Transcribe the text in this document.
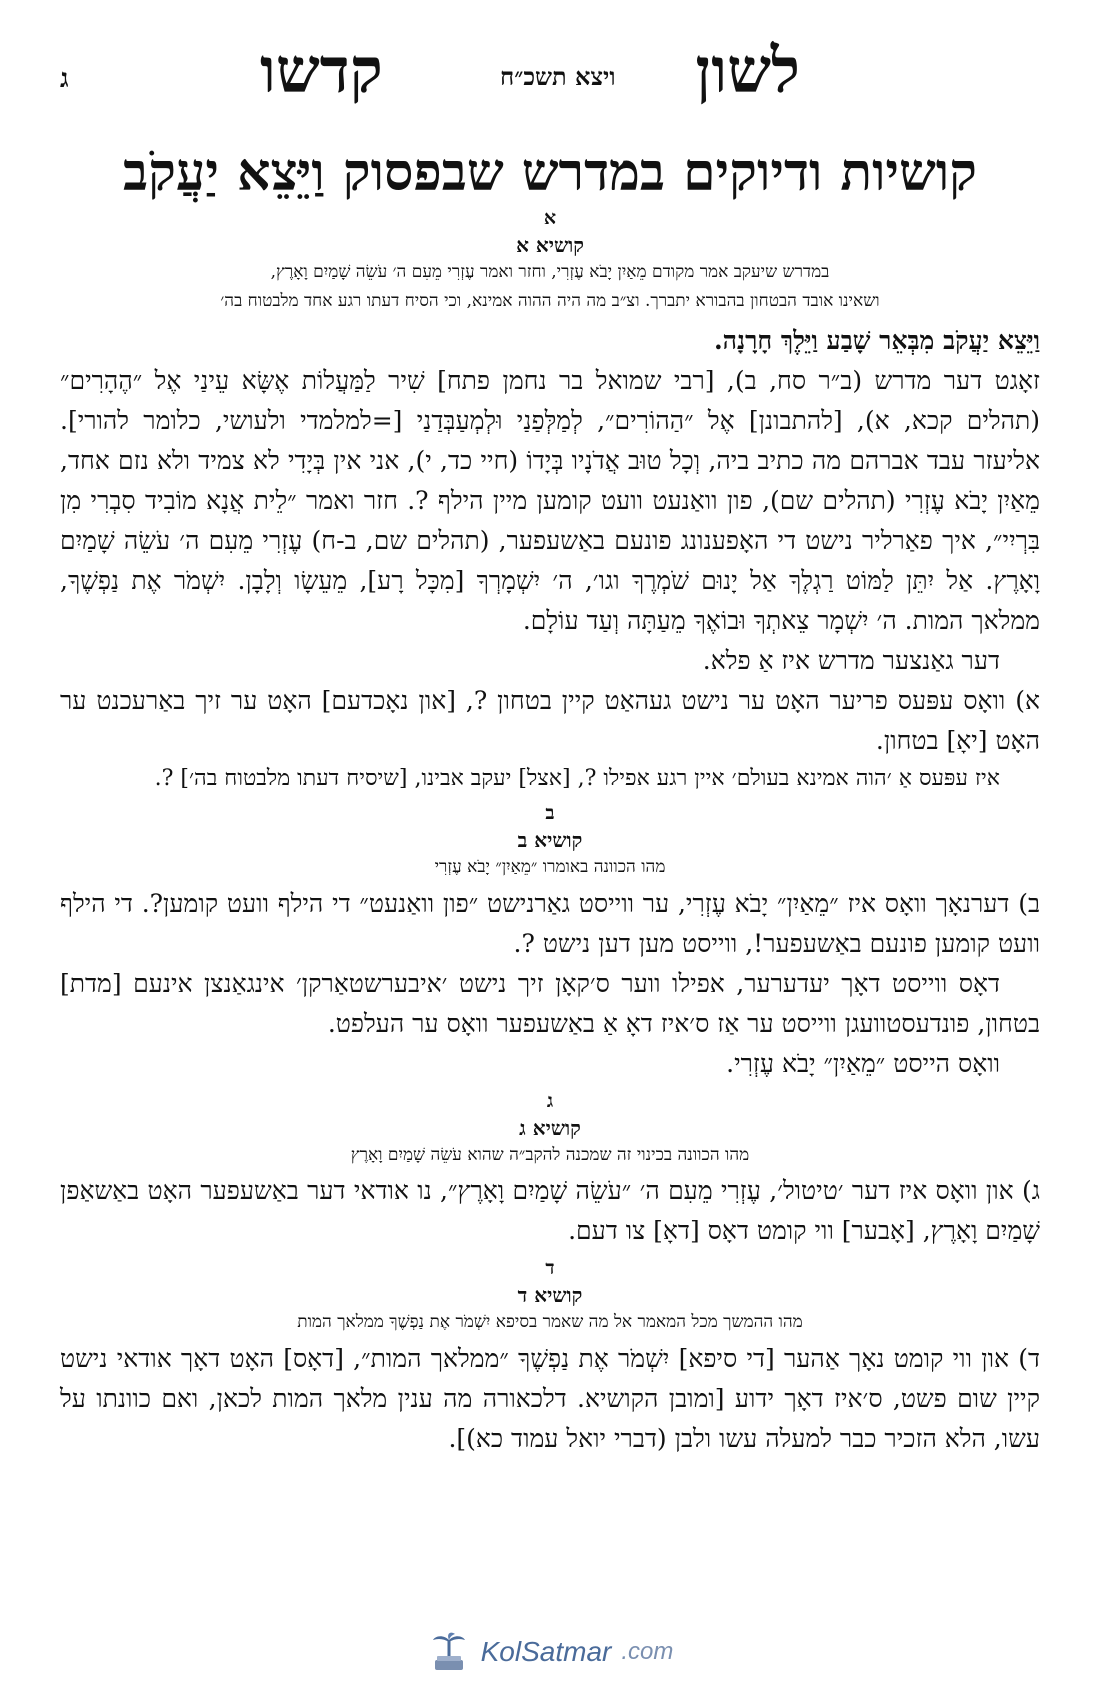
לשון
קדשו	ויצא תשכ״ח
ג
קושיות ודיוקים במדרש שבפסוק וַיֵּצֵא יַעֲקֹב
א
קושיא א
במדרש שיעקב אמר מקודם מֵאַיִן יָבֹא עֶזְרִי, וחזר ואמר עֶזְרִי מֵעִם ה׳ עֹשֵׂה שָׁמַיִם וָאָרֶץ,
ושאינו אובד הבטחון בהבורא יתברך. וצ״ב מה היה ההוה אמינא, וכי הסיח דעתו רגע אחד מלבטוח בה׳

וַיֵּצֵא יַעֲקֹב מִבְּאֵר שָׁבַע וַיֵּלֶךְ חָרָנָה.

זאָגט דער מדרש (ב״ר סח, ב), [רבי שמואל בר נחמן פתח] שִׁיר לַמַּעֲלוֹת אֶשָּׂא עֵינַי אֶל ״הֶהָרִים״ (תהלים קכא, א), [להתבונן] אֶל ״הַהוֹרִים״, לְמַלְּפַנַי וּלְמְעַבְּדַנַי [=למלמדי ולעושי, כלומר להורי]. אליעזר עבד אברהם מה כתיב ביה, וְכָל טוּב אֲדֹנָיו בְּיָדוֹ (חיי כד, י), אני אין בְּיָדִי לא צמיד ולא נזם אחד, מֵאַיִן יָבֹא עֶזְרִי (תהלים שם), פון וואַנעט וועט קומען מיין הילף ?. חזר ואמר ״לֵית אֲנָא מוֹבִיד סִבְרִי מִן בִּרְיִי״, איך פאַרליר נישט די האָפענונג פונעם באַשעפער, (תהלים שם, ב-ח) עֶזְרִי מֵעִם ה׳ עֹשֵׂה שָׁמַיִם וָאָרֶץ. אַל יִתֵּן לַמּוֹט רַגְלֶךָ אַל יָנוּם שֹׁמְרֶךָ וגו׳, ה׳ יִשְׁמָרְךָ [מִכָּל רָע], מֵעֵשָׂו וְלָבָן. יִשְׁמֹר אֶת נַפְשֶׁךָ, ממלאך המות. ה׳ יִשְׁמָר צֵאתְךָ וּבוֹאֶךָ מֵעַתָּה וְעַד עוֹלָם.

דער גאַנצער מדרש איז אַ פלא.

א) וואָס עפּעס פריער האָט ער נישט געהאַט קיין בטחון ?, [און נאָכדעם] האָט ער זיך באַרעכנט ער האָט [יאָ] בטחון.

איז עפּעס אַ ׳הוה אמינא בעולם׳ איין רגע אפילו ?, [אצל] יעקב אבינו, [שיסיח דעתו מלבטוח בה׳] ?.

ב
קושיא ב
מהו הכוונה באומרו ״מֵאַיִן״ יָבֹא עֶזְרִי

ב) דערנאָך וואָס איז ״מֵאַיִן״ יָבֹא עֶזְרִי, ער ווייסט גאַרנישט ״פון וואַנעט״ די הילף וועט קומען?. די הילף וועט קומען פונעם באַשעפער!, ווייסט מען דען נישט ?.

דאָס ווייסט דאָך יעדערער, אפילו ווער ס׳קאָן זיך נישט ׳איבערשטאַרקן׳ אינגאַנצן אינעם [מדת] בטחון, פונדעסטוועגן ווייסט ער אַז ס׳איז דאָ אַ באַשעפער וואָס ער העלפט.

וואָס הייסט ״מֵאַיִן״ יָבֹא עֶזְרִי.

ג
קושיא ג
מהו הכוונה בכינוי זה שמכנה להקב״ה שהוא עֹשֵׂה שָׁמַיִם וָאָרֶץ

ג) און וואָס איז דער ׳טיטול׳, עֶזְרִי מֵעִם ה׳ ״עֹשֵׂה שָׁמַיִם וָאָרֶץ״, נו אודאי דער באַשעפער האָט באַשאַפן שָׁמַיִם וָאָרֶץ, [אָבער] ווי קומט דאָס [דאָ] צו דעם.

ד
קושיא ד
מהו ההמשך מכל המאמר אל מה שאמר בסיפא יִשְׁמֹר אֶת נַפְשֶׁךָ ממלאך המות

ד) און ווי קומט נאָך אַהער [די סיפא] יִשְׁמֹר אֶת נַפְשֶׁךָ ״ממלאך המות״, [דאָס] האָט דאָך אודאי נישט קיין שום פשט, ס׳איז דאָך ידוע [ומובן הקושיא. דלכאורה מה ענין מלאך המות לכאן, ואם כוונתו על עשו, הלא הזכיר כבר למעלה עשו ולבן (דברי יואל עמוד כא)].

KolSatmar .com
